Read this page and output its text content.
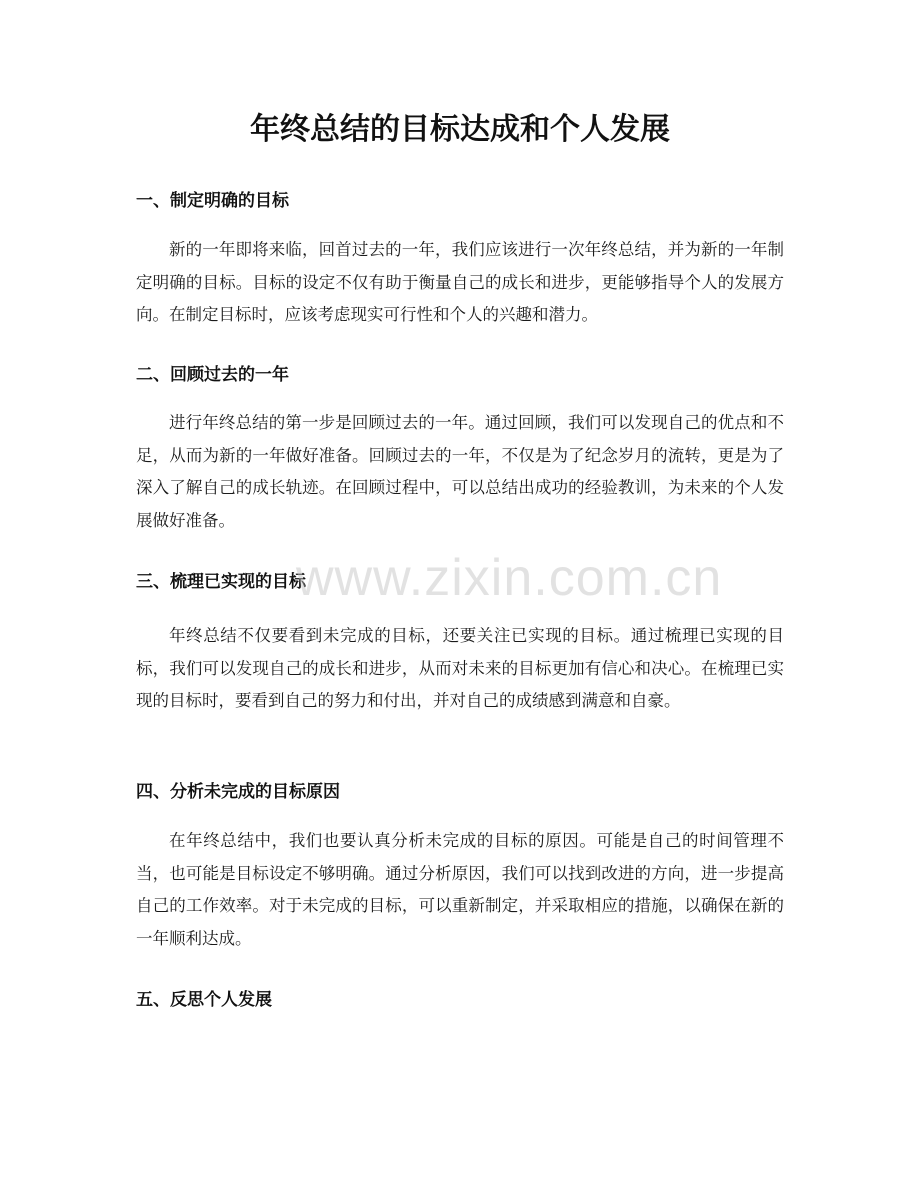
年终总结的目标达成和个人发展
一、制定明确的目标

新的一年即将来临，回首过去的一年，我们应该进行一次年终总结，并为新的一年制定明确的目标。目标的设定不仅有助于衡量自己的成长和进步，更能够指导个人的发展方向。在制定目标时，应该考虑现实可行性和个人的兴趣和潜力。

二、回顾过去的一年

进行年终总结的第一步是回顾过去的一年。通过回顾，我们可以发现自己的优点和不足，从而为新的一年做好准备。回顾过去的一年，不仅是为了纪念岁月的流转，更是为了深入了解自己的成长轨迹。在回顾过程中，可以总结出成功的经验教训，为未来的个人发展做好准备。

三、梳理已实现的目标

年终总结不仅要看到未完成的目标，还要关注已实现的目标。通过梳理已实现的目标，我们可以发现自己的成长和进步，从而对未来的目标更加有信心和决心。在梳理已实现的目标时，要看到自己的努力和付出，并对自己的成绩感到满意和自豪。

四、分析未完成的目标原因

在年终总结中，我们也要认真分析未完成的目标的原因。可能是自己的时间管理不当，也可能是目标设定不够明确。通过分析原因，我们可以找到改进的方向，进一步提高自己的工作效率。对于未完成的目标，可以重新制定，并采取相应的措施，以确保在新的一年顺利达成。

五、反思个人发展
www.zixin.com.cn
